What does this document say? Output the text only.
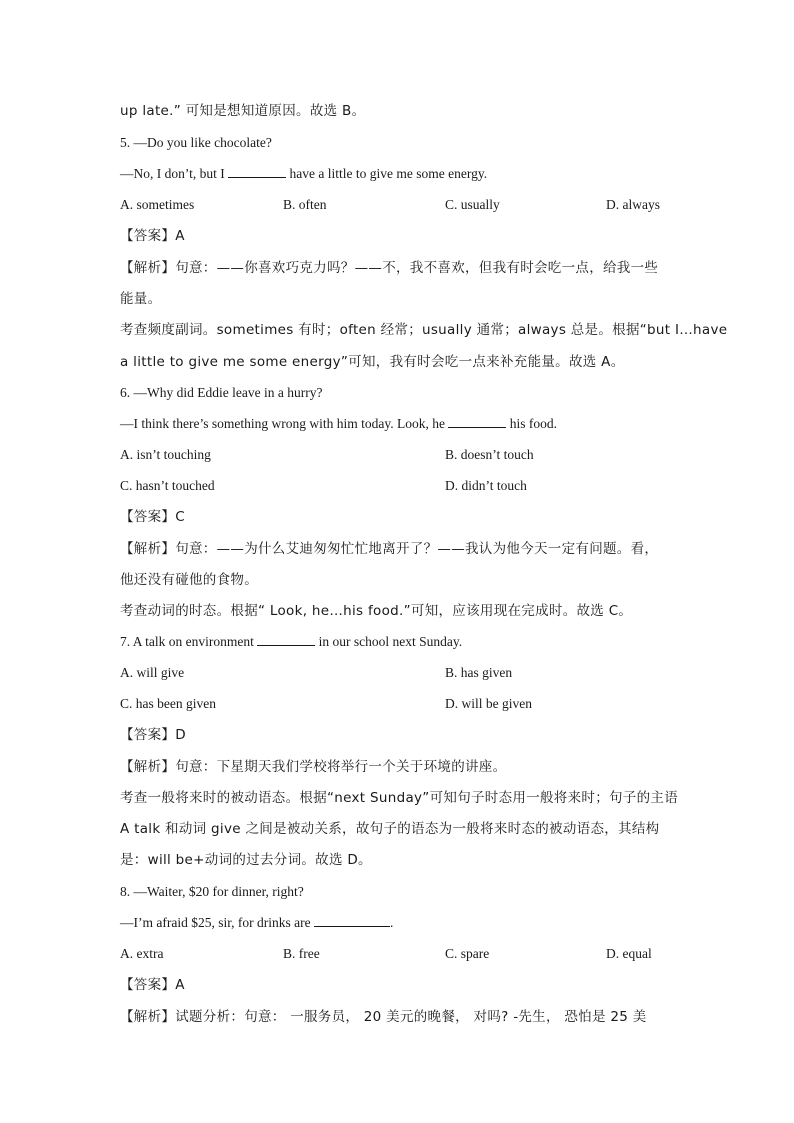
up late.” 可知是想知道原因。故选 B。
5. —Do you like chocolate?
—No, I don’t, but I	have a little to give me some energy.
A. sometimes	B. often	C. usually	D. always
【答案】A
【解析】句意：——你喜欢巧克力吗？——不，我不喜欢，但我有时会吃一点，给我一些
能量。
考查频度副词。sometimes 有时；often 经常；usually 通常；always 总是。根据“but I…have
a little to give me some energy”可知，我有时会吃一点来补充能量。故选 A。
6. —Why did Eddie leave in a hurry?
—I think there’s something wrong with him today. Look, he	his food.
A. isn’t touching	B. doesn’t touch
C. hasn’t touched	D. didn’t touch
【答案】C
【解析】句意：——为什么艾迪匆匆忙忙地离开了？——我认为他今天一定有问题。看，
他还没有碰他的食物。
考查动词的时态。根据“ Look, he…his food.”可知，应该用现在完成时。故选 C。
7. A talk on environment	in our school next Sunday.
A. will give	B. has given
C. has been given	D. will be given
【答案】D
【解析】句意：下星期天我们学校将举行一个关于环境的讲座。
考查一般将来时的被动语态。根据“next Sunday”可知句子时态用一般将来时；句子的主语
A talk 和动词 give 之间是被动关系，故句子的语态为一般将来时态的被动语态，其结构
是：will be+动词的过去分词。故选 D。
8. —Waiter, $20 for dinner, right?
—I’m afraid $25, sir, for drinks are	.
A. extra	B. free	C. spare	D. equal
【答案】A
【解析】试题分析：句意： 一服务员， 20 美元的晚餐， 对吗? -先生， 恐怕是 25 美
